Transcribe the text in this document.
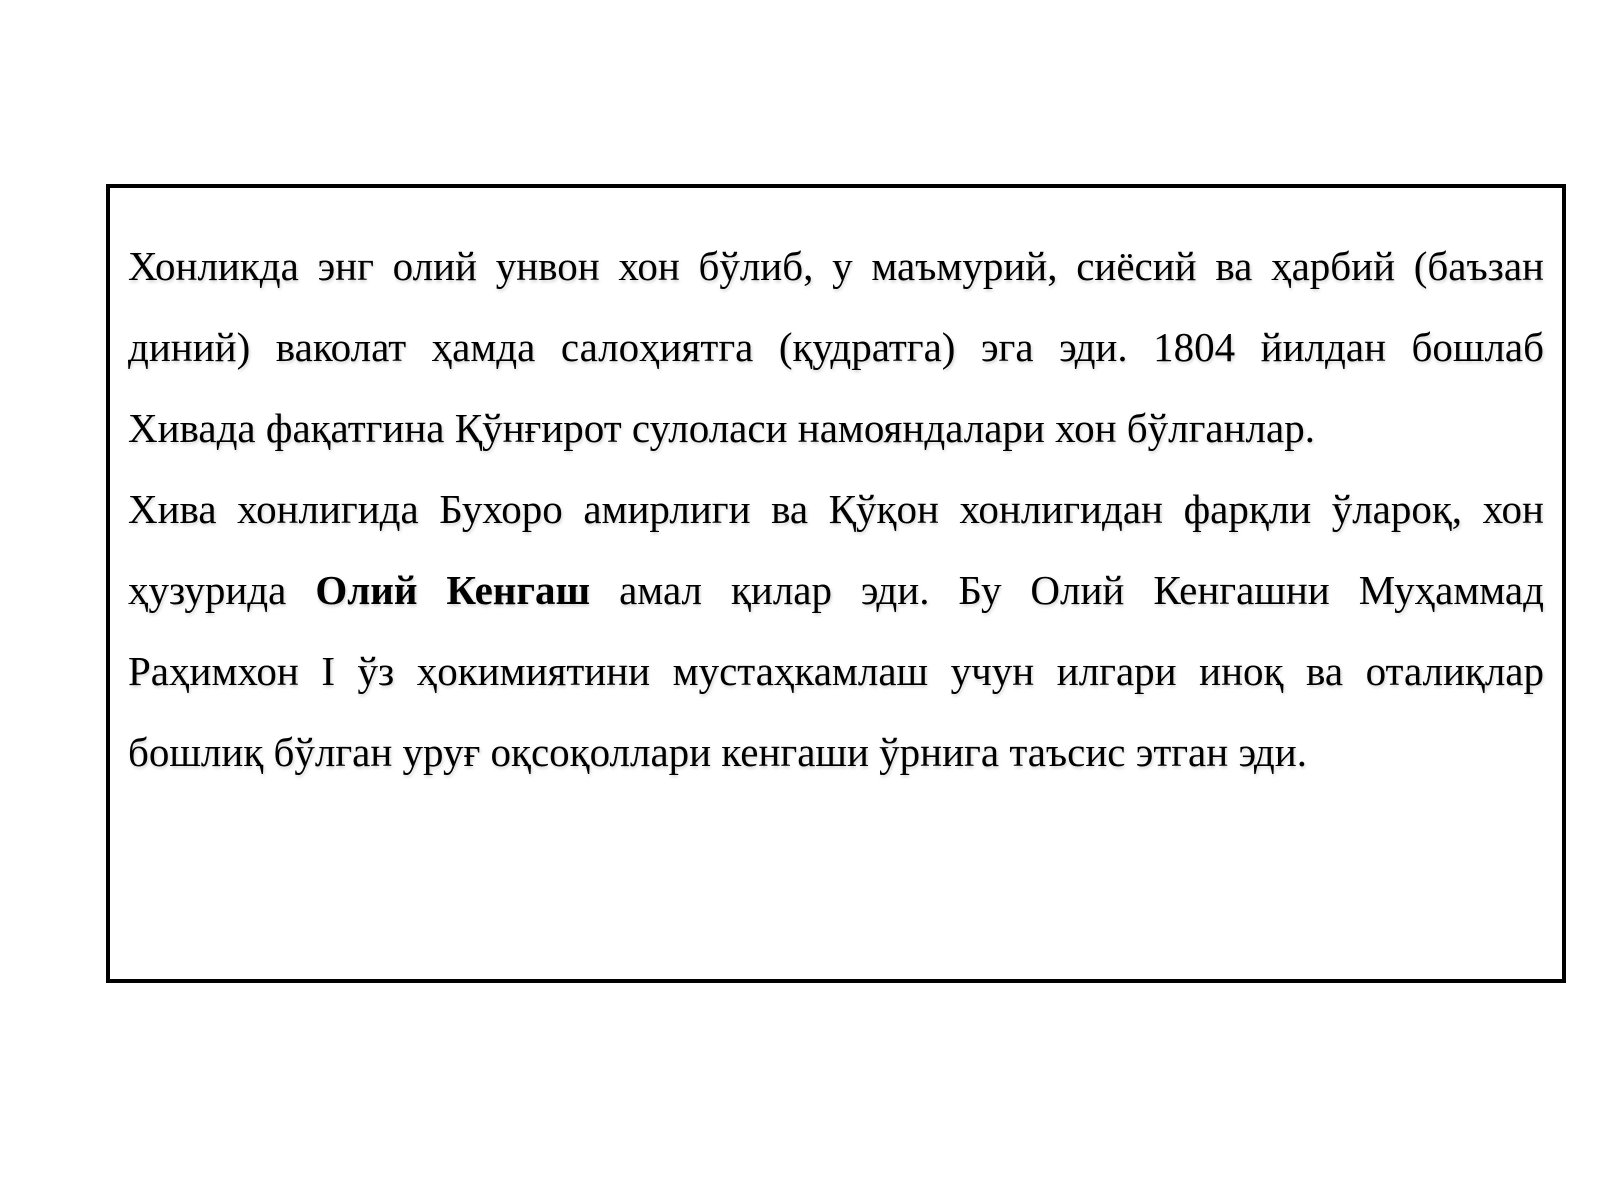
Хонликда энг олий унвон хон бўлиб, у маъмурий, сиёсий ва ҳарбий (баъзан диний) ваколат ҳамда салоҳиятга (қудратга) эга эди. 1804 йилдан бошлаб Хивада фақатгина Қўнғирот сулоласи намояндалари хон бўлганлар.

Хива хонлигида Бухоро амирлиги ва Қўқон хонлигидан фарқли ўлароқ, хон ҳузурида Олий Кенгаш амал қилар эди. Бу Олий Кенгашни Муҳаммад Раҳимхон I ўз ҳокимиятини мустаҳкамлаш учун илгари иноқ ва оталиқлар бошлиқ бўлган уруғ оқсоқоллари кенгаши ўрнига таъсис этган эди.
